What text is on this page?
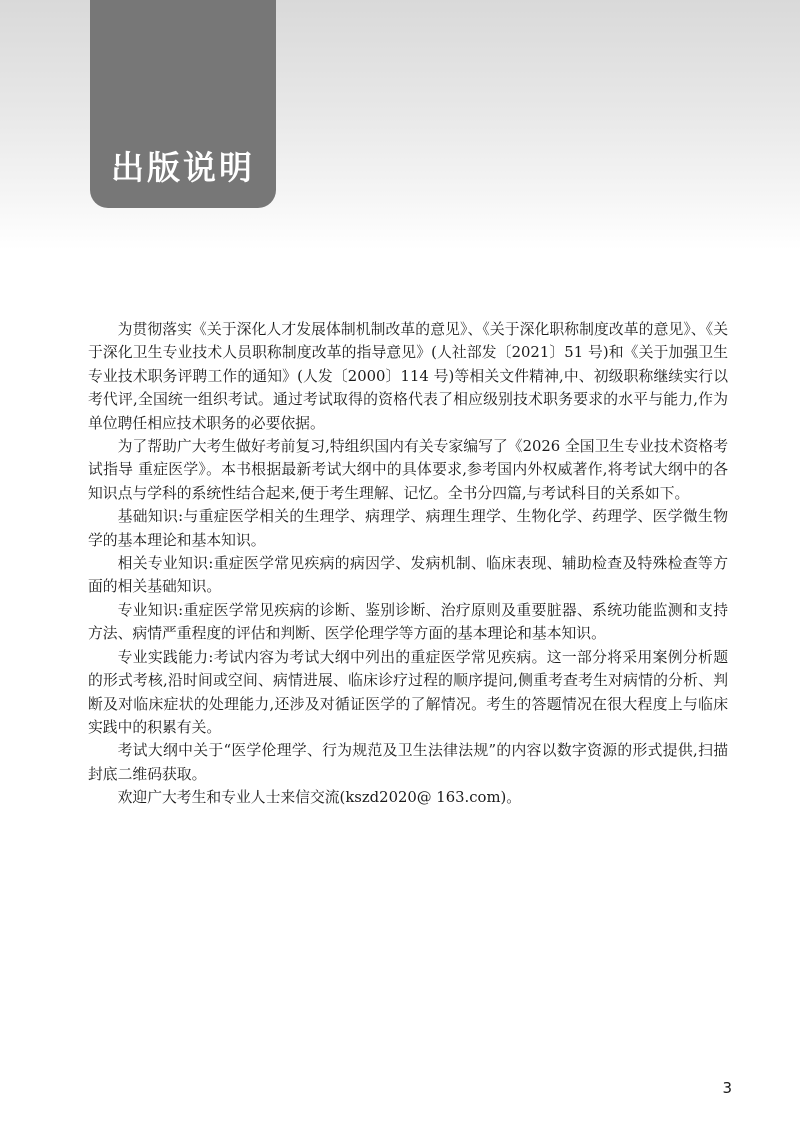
出版说明

为贯彻落实《关于深化人才发展体制机制改革的意见》、《关于深化职称制度改革的意见》、《关于深化卫生专业技术人员职称制度改革的指导意见》(人社部发〔2021〕51 号)和《关于加强卫生专业技术职务评聘工作的通知》(人发〔2000〕114 号)等相关文件精神,中、初级职称继续实行以考代评,全国统一组织考试。通过考试取得的资格代表了相应级别技术职务要求的水平与能力,作为单位聘任相应技术职务的必要依据。

为了帮助广大考生做好考前复习,特组织国内有关专家编写了《2026 全国卫生专业技术资格考试指导 重症医学》。本书根据最新考试大纲中的具体要求,参考国内外权威著作,将考试大纲中的各知识点与学科的系统性结合起来,便于考生理解、记忆。全书分四篇,与考试科目的关系如下。

基础知识:与重症医学相关的生理学、病理学、病理生理学、生物化学、药理学、医学微生物学的基本理论和基本知识。

相关专业知识:重症医学常见疾病的病因学、发病机制、临床表现、辅助检查及特殊检查等方面的相关基础知识。

专业知识:重症医学常见疾病的诊断、鉴别诊断、治疗原则及重要脏器、系统功能监测和支持方法、病情严重程度的评估和判断、医学伦理学等方面的基本理论和基本知识。

专业实践能力:考试内容为考试大纲中列出的重症医学常见疾病。这一部分将采用案例分析题的形式考核,沿时间或空间、病情进展、临床诊疗过程的顺序提问,侧重考查考生对病情的分析、判断及对临床症状的处理能力,还涉及对循证医学的了解情况。考生的答题情况在很大程度上与临床实践中的积累有关。

考试大纲中关于“医学伦理学、行为规范及卫生法律法规”的内容以数字资源的形式提供,扫描封底二维码获取。

欢迎广大考生和专业人士来信交流(kszd2020@ 163.com)。

3
